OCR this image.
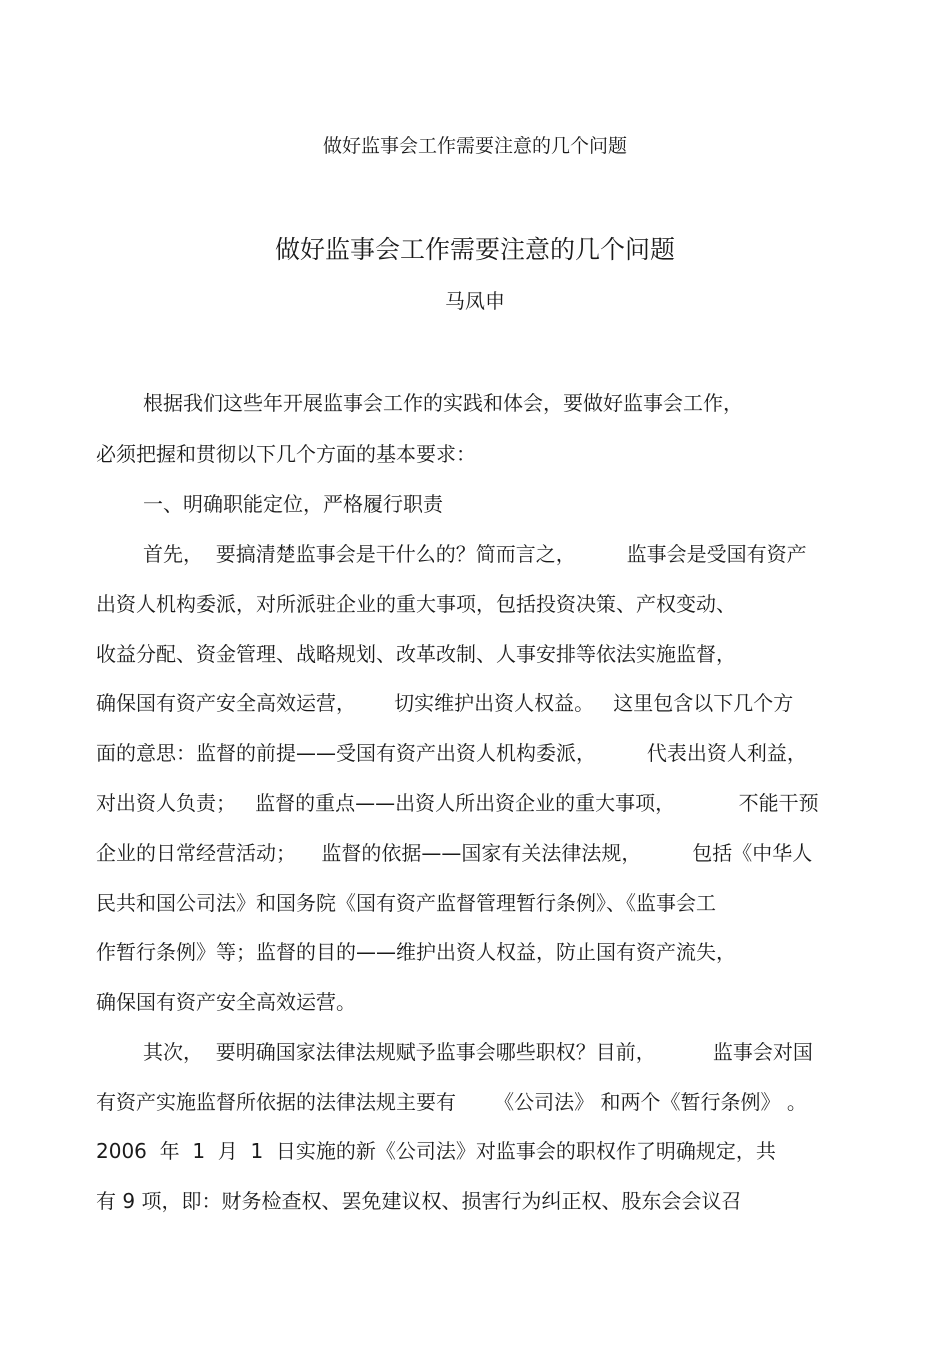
做好监事会工作需要注意的几个问题
做好监事会工作需要注意的几个问题
马凤申
根据我们这些年开展监事会工作的实践和体会，要做好监事会工作，
必须把握和贯彻以下几个方面的基本要求：
一、明确职能定位，严格履行职责
首先，  要搞清楚监事会是干什么的？简而言之，        监事会是受国有资产
出资人机构委派，对所派驻企业的重大事项，包括投资决策、产权变动、
收益分配、资金管理、战略规划、改革改制、人事安排等依法实施监督，
确保国有资产安全高效运营，      切实维护出资人权益。   这里包含以下几个方
面的意思：监督的前提——受国有资产出资人机构委派，        代表出资人利益，
对出资人负责；   监督的重点——出资人所出资企业的重大事项，          不能干预
企业的日常经营活动；    监督的依据——国家有关法律法规，        包括《中华人
民共和国公司法》和国务院《国有资产监督管理暂行条例》、《监事会工
作暂行条例》等；监督的目的——维护出资人权益，防止国有资产流失，
确保国有资产安全高效运营。
其次，  要明确国家法律法规赋予监事会哪些职权？目前，         监事会对国
有资产实施监督所依据的法律法规主要有      《公司法》 和两个《暂行条例》 。
2006  年  1  月  1  日实施的新《公司法》对监事会的职权作了明确规定，共
有 9 项，即：财务检查权、罢免建议权、损害行为纠正权、股东会会议召
